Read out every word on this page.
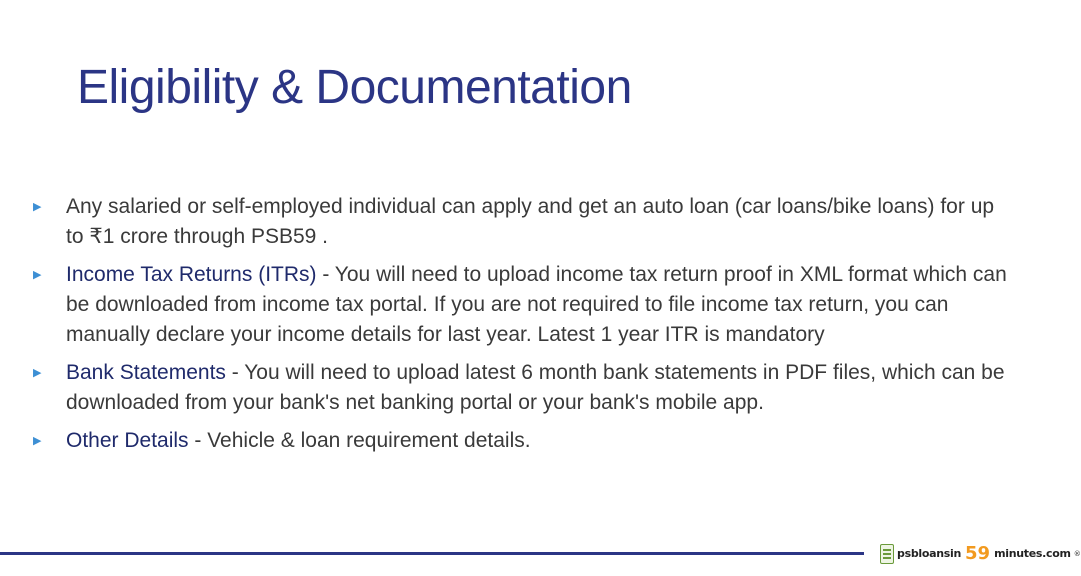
Eligibility & Documentation
▶ Any salaried or self-employed individual can apply and get an auto loan (car loans/bike loans) for up to ₹1 crore through PSB59 .
▶ Income Tax Returns (ITRs) - You will need to upload income tax return proof in XML format which can be downloaded from income tax portal. If you are not required to file income tax return, you can manually declare your income details for last year. Latest 1 year ITR is mandatory
▶ Bank Statements - You will need to upload latest 6 month bank statements in PDF files, which can be downloaded from your bank's net banking portal or your bank's mobile app.
▶ Other Details - Vehicle & loan requirement details.
psbloansin 59 minutes.com ®
